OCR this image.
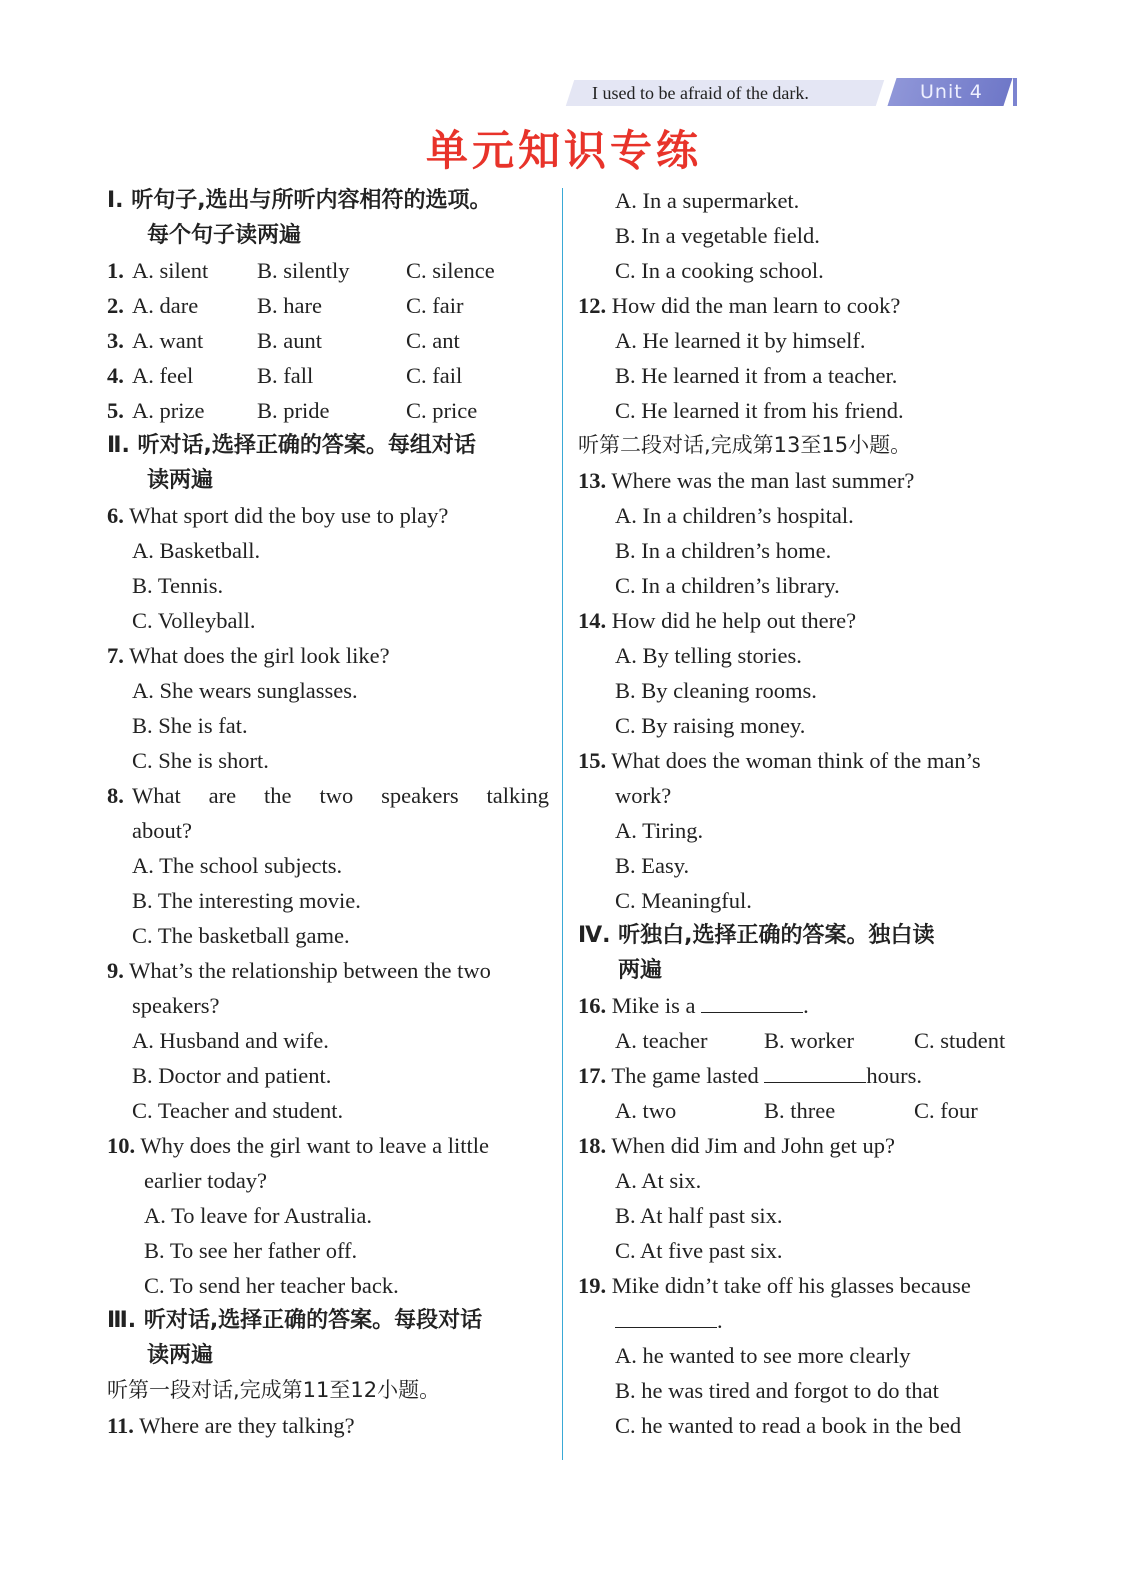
I used to be afraid of the dark.	Unit 4
单元知识专练
Ⅰ. 听句子,选出与所听内容相符的选项。
每个句子读两遍
1. A. silent B. silently	C. silence
2. A. dare	B. hare	C. fair
3. A. want B. aunt	C. ant
4. A. feel	B. fall	C. fail
5. A. prize B. pride	C. price
Ⅱ. 听对话,选择正确的答案。每组对话
读两遍
6. What sport did the boy use to play?
A. Basketball.
B. Tennis.
C. Volleyball.
7. What does the girl look like?
A. She wears sunglasses.
B. She is fat.
C. She is short.
8. What are the two speakers talking
about?
A. The school subjects.
B. The interesting movie.
C. The basketball game.
9. What’s the relationship between the two
speakers?
A. Husband and wife.
B. Doctor and patient.
C. Teacher and student.
10. Why does the girl want to leave a little
earlier today?
A. To leave for Australia.
B. To see her father off.
C. To send her teacher back.
Ⅲ. 听对话,选择正确的答案。每段对话
读两遍
听第一段对话,完成第11至12小题。
11. Where are they talking?
A. In a supermarket.
B. In a vegetable field.
C. In a cooking school.
12. How did the man learn to cook?
A. He learned it by himself.
B. He learned it from a teacher.
C. He learned it from his friend.
听第二段对话,完成第13至15小题。
13. Where was the man last summer?
A. In a children’s hospital.
B. In a children’s home.
C. In a children’s library.
14. How did he help out there?
A. By telling stories.
B. By cleaning rooms.
C. By raising money.
15. What does the woman think of the man’s
work?
A. Tiring.
B. Easy.
C. Meaningful.
Ⅳ. 听独白,选择正确的答案。独白读
两遍
16. Mike is a	.
A. teacher	B. worker	C. student
17. The game lasted	hours.
A. two	B. three	C. four
18. When did Jim and John get up?
A. At six.
B. At half past six.
C. At five past six.
19. Mike didn’t take off his glasses because
.
A. he wanted to see more clearly
B. he was tired and forgot to do that
C. he wanted to read a book in the bed
